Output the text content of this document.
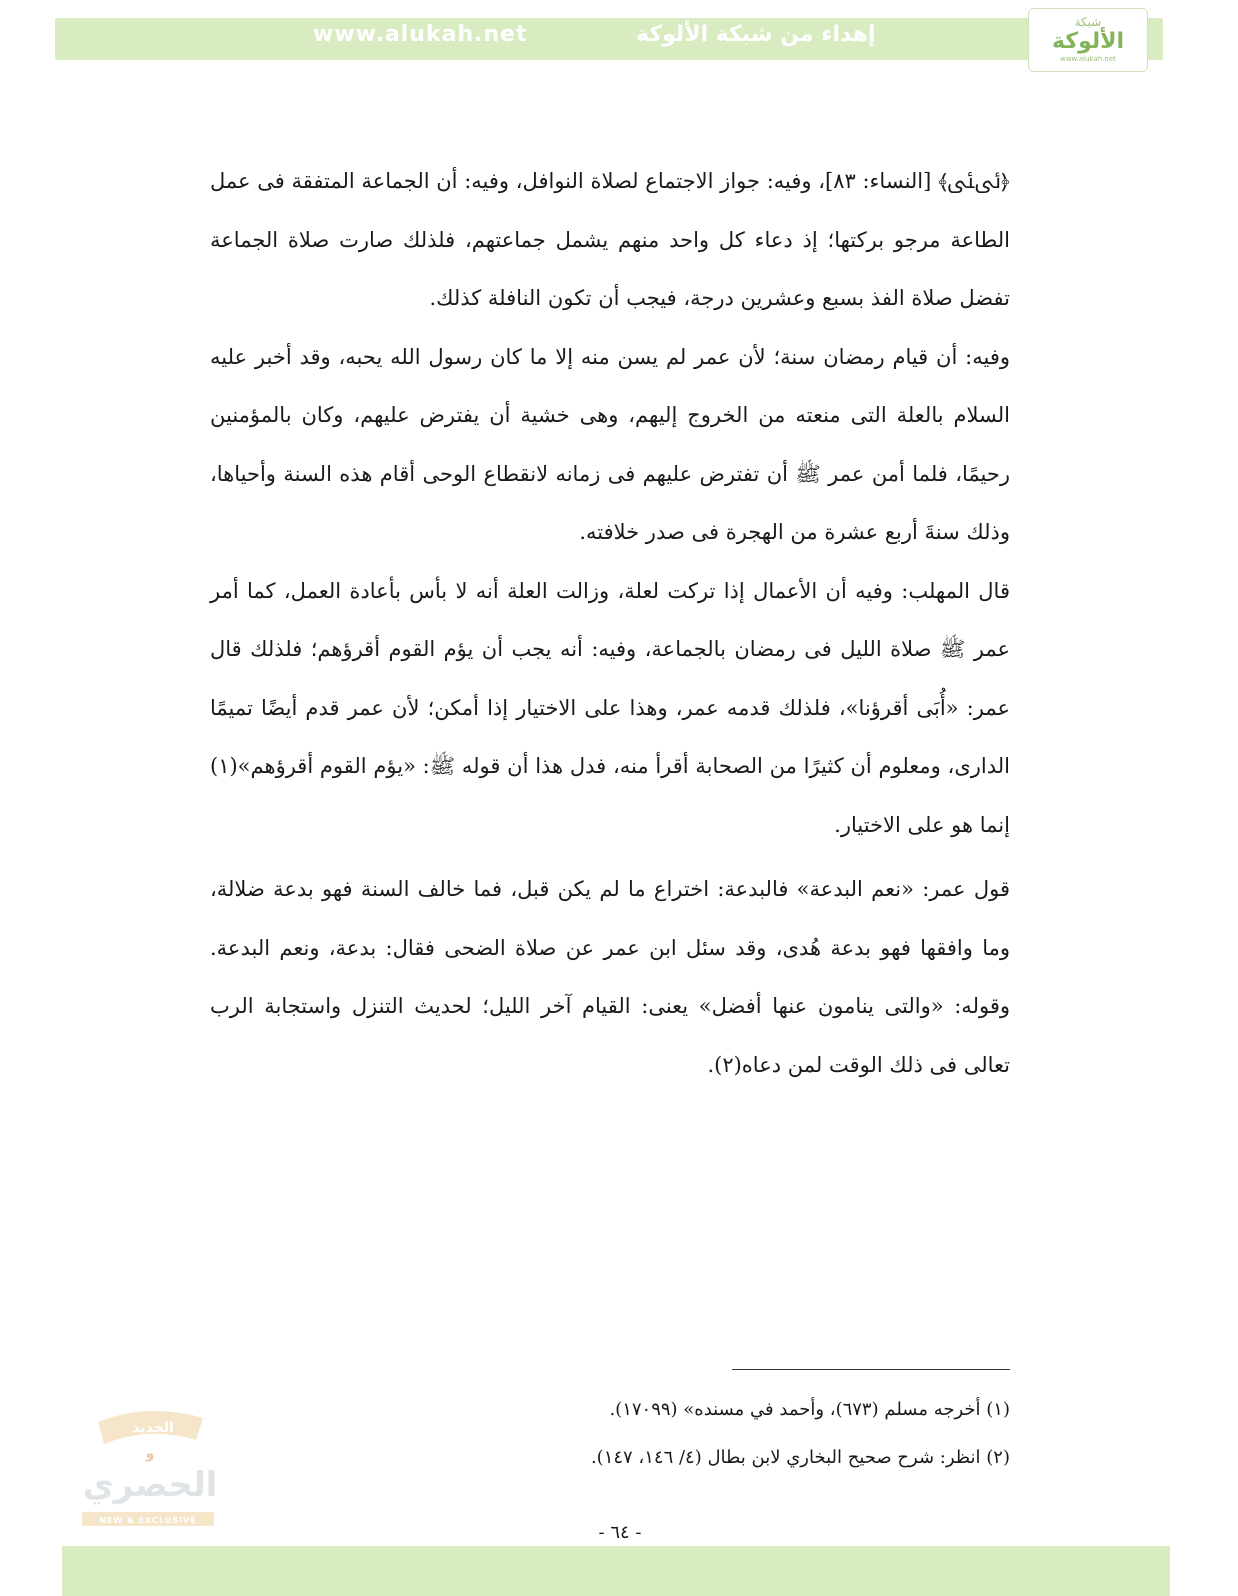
www.alukah.net	إهداء من شبكة الألوكة	شبكة
الألوكة
www.alukah.net

﴿ﯹﯺ﴾ [النساء: ٨٣]، وفيه: جواز الاجتماع لصلاة النوافل، وفيه: أن الجماعة المتفقة فى عمل الطاعة مرجو بركتها؛ إذ دعاء كل واحد منهم يشمل جماعتهم، فلذلك صارت صلاة الجماعة تفضل صلاة الفذ بسبع وعشرين درجة، فيجب أن تكون النافلة كذلك.

وفيه: أن قيام رمضان سنة؛ لأن عمر لم يسن منه إلا ما كان رسول الله يحبه، وقد أخبر عليه السلام بالعلة التى منعته من الخروج إليهم، وهى خشية أن يفترض عليهم، وكان بالمؤمنين رحيمًا، فلما أمن عمر ﷺ أن تفترض عليهم فى زمانه لانقطاع الوحى أقام هذه السنة وأحياها، وذلك سنةَ أربع عشرة من الهجرة فى صدر خلافته.

قال المهلب: وفيه أن الأعمال إذا تركت لعلة، وزالت العلة أنه لا بأس بأعادة العمل، كما أمر عمر ﷺ صلاة الليل فى رمضان بالجماعة، وفيه: أنه يجب أن يؤم القوم أقرؤهم؛ فلذلك قال عمر: «أُبَى أقرؤنا»، فلذلك قدمه عمر، وهذا على الاختيار إذا أمكن؛ لأن عمر قدم أيضًا تميمًا الدارى، ومعلوم أن كثيرًا من الصحابة أقرأ منه، فدل هذا أن قوله ﷺ: «يؤم القوم أقرؤهم»(١) إنما هو على الاختيار.

قول عمر: «نعم البدعة» فالبدعة: اختراع ما لم يكن قبل، فما خالف السنة فهو بدعة ضلالة، وما وافقها فهو بدعة هُدى، وقد سئل ابن عمر عن صلاة الضحى فقال: بدعة، ونعم البدعة. وقوله: «والتى ينامون عنها أفضل» يعنى: القيام آخر الليل؛ لحديث التنزل واستجابة الرب تعالى فى ذلك الوقت لمن دعاه(٢).

(١) أخرجه مسلم (٦٧٣)، وأحمد في مسنده» (١٧٠٩٩).

(٢) انظر: شرح صحيح البخاري لابن بطال (٤/ ١٤٦، ١٤٧).

الجديد
و
الحصري
NEW & EXCLUSIVE
- ٦٤ -
